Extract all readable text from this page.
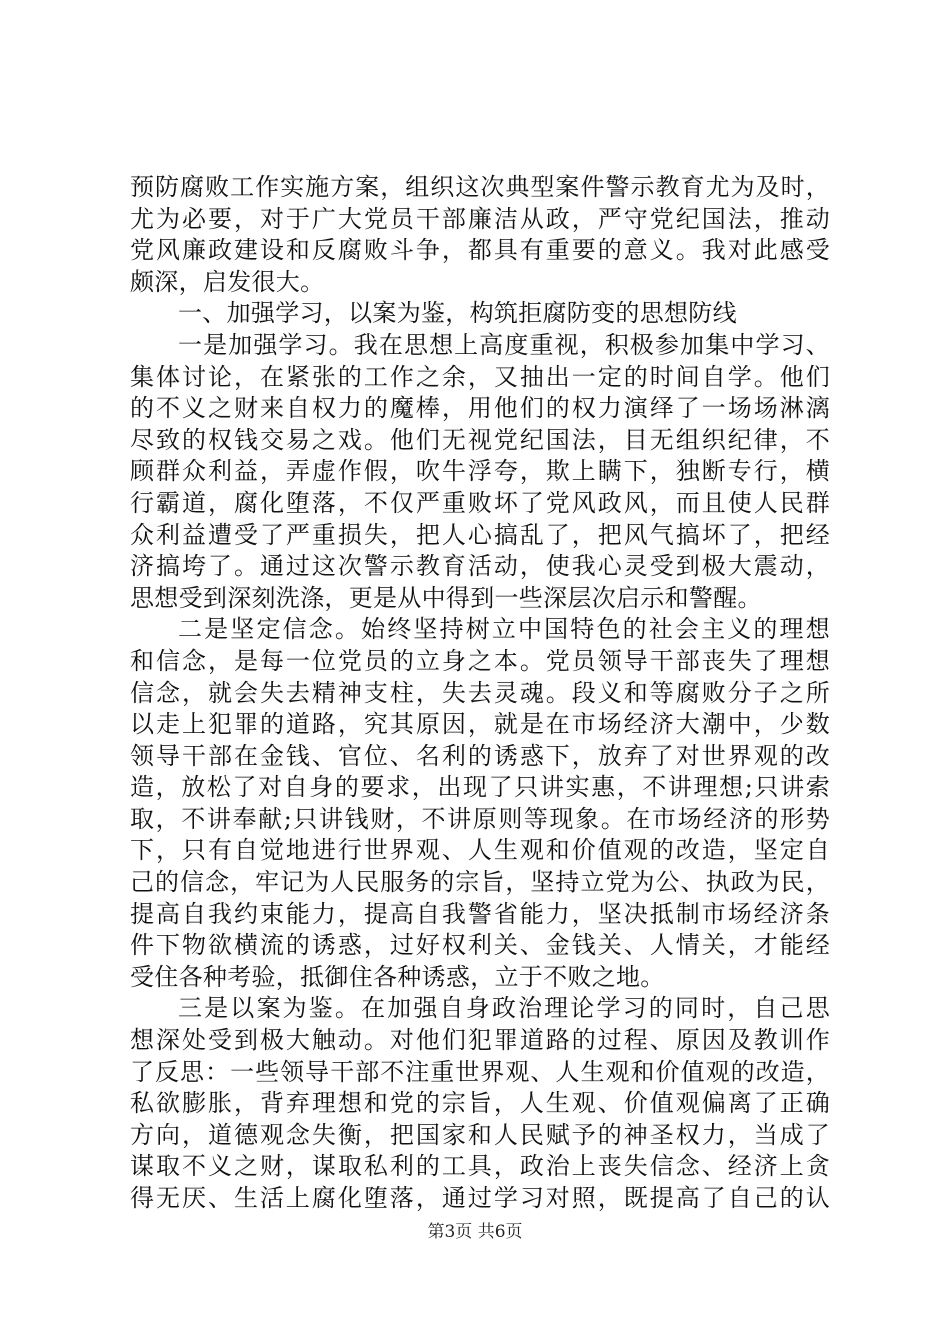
预防腐败工作实施方案，组织这次典型案件警示教育尤为及时，
尤为必要，对于广大党员干部廉洁从政，严守党纪国法，推动
党风廉政建设和反腐败斗争，都具有重要的意义。我对此感受
颇深，启发很大。
一、加强学习，以案为鉴，构筑拒腐防变的思想防线
一是加强学习。我在思想上高度重视，积极参加集中学习、
集体讨论，在紧张的工作之余，又抽出一定的时间自学。他们
的不义之财来自权力的魔棒，用他们的权力演绎了一场场淋漓
尽致的权钱交易之戏。他们无视党纪国法，目无组织纪律，不
顾群众利益，弄虚作假，吹牛浮夸，欺上瞒下，独断专行，横
行霸道，腐化堕落，不仅严重败坏了党风政风，而且使人民群
众利益遭受了严重损失，把人心搞乱了，把风气搞坏了，把经
济搞垮了。通过这次警示教育活动，使我心灵受到极大震动，
思想受到深刻洗涤，更是从中得到一些深层次启示和警醒。
二是坚定信念。始终坚持树立中国特色的社会主义的理想
和信念，是每一位党员的立身之本。党员领导干部丧失了理想
信念，就会失去精神支柱，失去灵魂。段义和等腐败分子之所
以走上犯罪的道路，究其原因，就是在市场经济大潮中，少数
领导干部在金钱、官位、名利的诱惑下，放弃了对世界观的改
造，放松了对自身的要求，出现了只讲实惠，不讲理想;只讲索
取，不讲奉献;只讲钱财，不讲原则等现象。在市场经济的形势
下，只有自觉地进行世界观、人生观和价值观的改造，坚定自
己的信念，牢记为人民服务的宗旨，坚持立党为公、执政为民，
提高自我约束能力，提高自我警省能力，坚决抵制市场经济条
件下物欲横流的诱惑，过好权利关、金钱关、人情关，才能经
受住各种考验，抵御住各种诱惑，立于不败之地。
三是以案为鉴。在加强自身政治理论学习的同时，自己思
想深处受到极大触动。对他们犯罪道路的过程、原因及教训作
了反思：一些领导干部不注重世界观、人生观和价值观的改造，
私欲膨胀，背弃理想和党的宗旨，人生观、价值观偏离了正确
方向，道德观念失衡，把国家和人民赋予的神圣权力，当成了
谋取不义之财，谋取私利的工具，政治上丧失信念、经济上贪
得无厌、生活上腐化堕落，通过学习对照，既提高了自己的认
第3页 共6页
